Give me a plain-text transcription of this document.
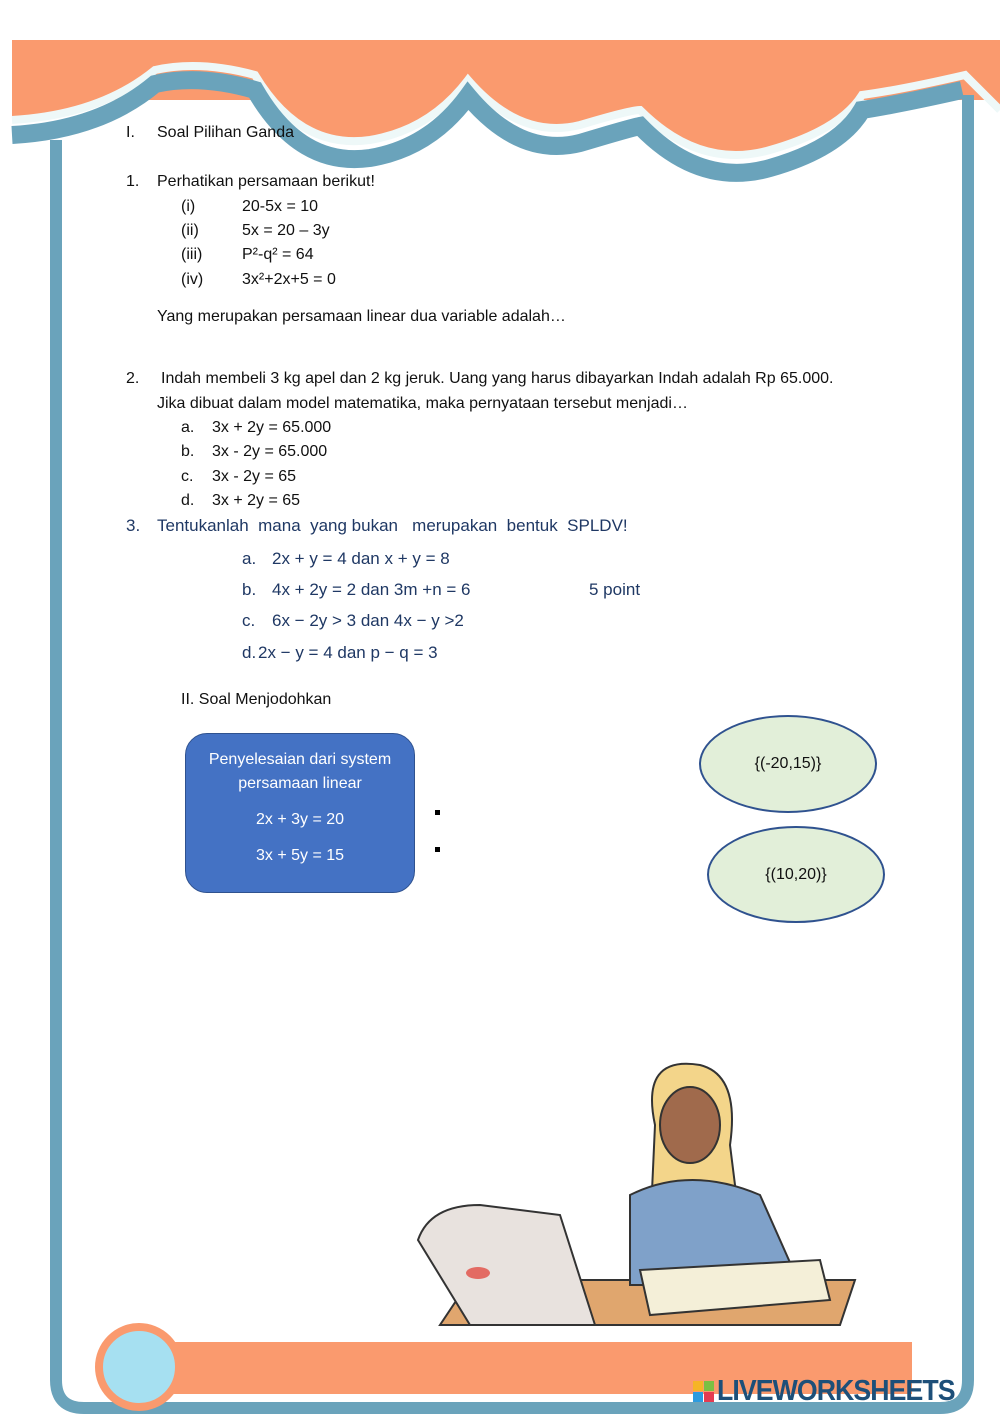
I. Soal Pilihan Ganda
1. Perhatikan persamaan berikut!
(i)	20-5x = 10
(ii)	5x = 20 – 3y
(iii) P²-q² = 64
(iv) 3x²+2x+5 = 0
Yang merupakan persamaan linear dua variable adalah…
2. Indah membeli 3 kg apel dan 2 kg jeruk. Uang yang harus dibayarkan Indah adalah Rp 65.000.
Jika dibuat dalam model matematika, maka pernyataan tersebut menjadi…
a. 3x + 2y = 65.000
b. 3x - 2y = 65.000
c. 3x - 2y = 65
d. 3x + 2y = 65
3. Tentukanlah  mana  yang bukan   merupakan  bentuk  SPLDV!
a. 2x + y = 4 dan x + y = 8
b. 4x + 2y = 2 dan 3m +n = 6	5 point
c. 6x − 2y > 3 dan 4x − y >2
d. 2x − y = 4 dan p − q = 3
II. Soal Menjodohkan
Penyelesaian dari system
persamaan linear
2x + 3y = 20
3x + 5y = 15
{(-20,15)}
{(10,20)}
LIVEWORKSHEETS
